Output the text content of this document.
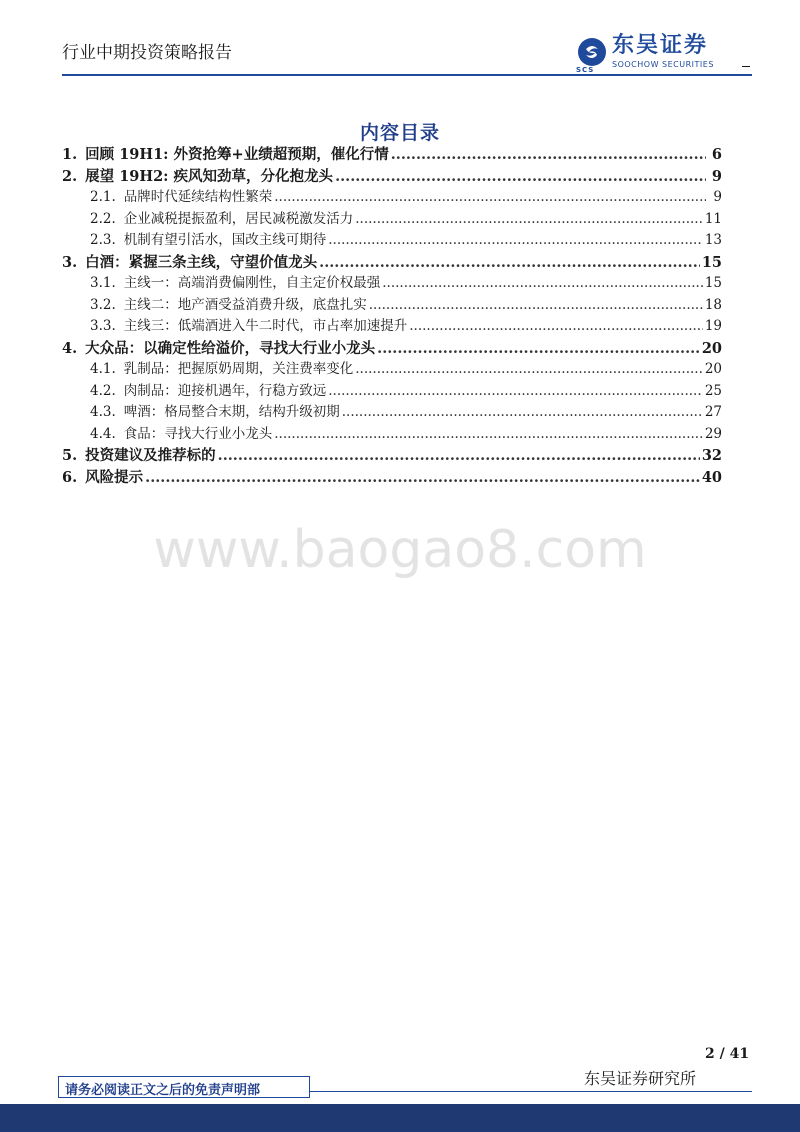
行业中期投资策略报告
SCS
东吴证券
SOOCHOW SECURITIES
内容目录
1. 回顾 19H1: 外资抢筹+业绩超预期，催化行情 .....	6
2. 展望 19H2: 疾风知劲草，分化抱龙头 .....	9
2.1. 品牌时代延续结构性繁荣 .....	9
2.2. 企业减税提振盈利，居民减税激发活力 .....	11
2.3. 机制有望引活水，国改主线可期待 .....	13
3. 白酒：紧握三条主线，守望价值龙头 .....	15
3.1. 主线一：高端消费偏刚性，自主定价权最强 .....	15
3.2. 主线二：地产酒受益消费升级，底盘扎实 .....	18
3.3. 主线三：低端酒进入牛二时代，市占率加速提升 .....	19
4. 大众品：以确定性给溢价，寻找大行业小龙头 .....	20
4.1. 乳制品：把握原奶周期，关注费率变化 .....	20
4.2. 肉制品：迎接机遇年，行稳方致远 .....	25
4.3. 啤酒：格局整合末期，结构升级初期 .....	27
4.4. 食品：寻找大行业小龙头 .....	29
5. 投资建议及推荐标的 .....	32
6. 风险提示 .....	40
www.baogao8.com
2 / 41
东吴证券研究所
请务必阅读正文之后的免责声明部
